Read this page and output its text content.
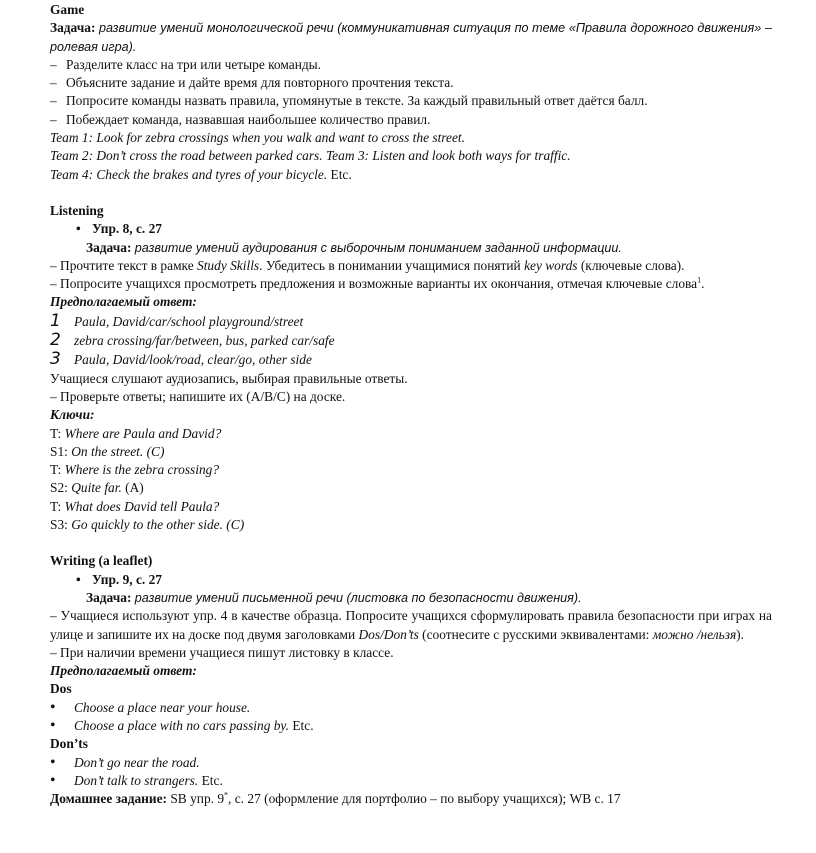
Game
Задача: развитие умений монологической речи (коммуникативная ситуация по теме «Правила дорожного движения» – ролевая игра).
– Разделите класс на три или четыре команды.
– Объясните задание и дайте время для повторного прочтения текста.
– Попросите команды назвать правила, упомянутые в тексте. За каждый правильный ответ даётся балл.
– Побеждает команда, назвавшая наибольшее количество правил.
Team 1: Look for zebra crossings when you walk and want to cross the street.
Team 2: Don’t cross the road between parked cars. Team 3: Listen and look both ways for traffic.
Team 4: Check the brakes and tyres of your bicycle. Etc.
Listening
• Упр. 8, с. 27
Задача: развитие умений аудирования с выборочным пониманием заданной информации.
– Прочтите текст в рамке Study Skills. Убедитесь в понимании учащимися понятий key words (ключевые слова).
– Попросите учащихся просмотреть предложения и возможные варианты их окончания, отмечая ключевые слова$^1$.
Предполагаемый ответ:
1 Paula, David/car/school playground/street
2 zebra crossing/far/between, bus, parked car/safe
3 Paula, David/look/road, clear/go, other side
Учащиеся слушают аудиозапись, выбирая правильные ответы.
– Проверьте ответы; напишите их (A/B/C) на доске.
Ключи:
T: Where are Paula and David?
S1: On the street. (C)
T: Where is the zebra crossing?
S2: Quite far. (A)
T: What does David tell Paula?
S3: Go quickly to the other side. (C)
Writing (a leaflet)
• Упр. 9, с. 27
Задача: развитие умений письменной речи (листовка по безопасности движения).
– Учащиеся используют упр. 4 в качестве образца. Попросите учащихся сформулировать правила безопасности при играх на улице и запишите их на доске под двумя заголовками Dos/Don’ts (соотнесите с русскими эквивалентами: можно /нельзя).
– При наличии времени учащиеся пишут листовку в классе.
Предполагаемый ответ:
Dos
• Choose a place near your house.
• Choose a place with no cars passing by. Etc.
Don’ts
• Don’t go near the road.
• Don’t talk to strangers. Etc.
Домашнее задание: SB упр. 9*, с. 27 (оформление для портфолио – по выбору учащихся); WB с. 17
